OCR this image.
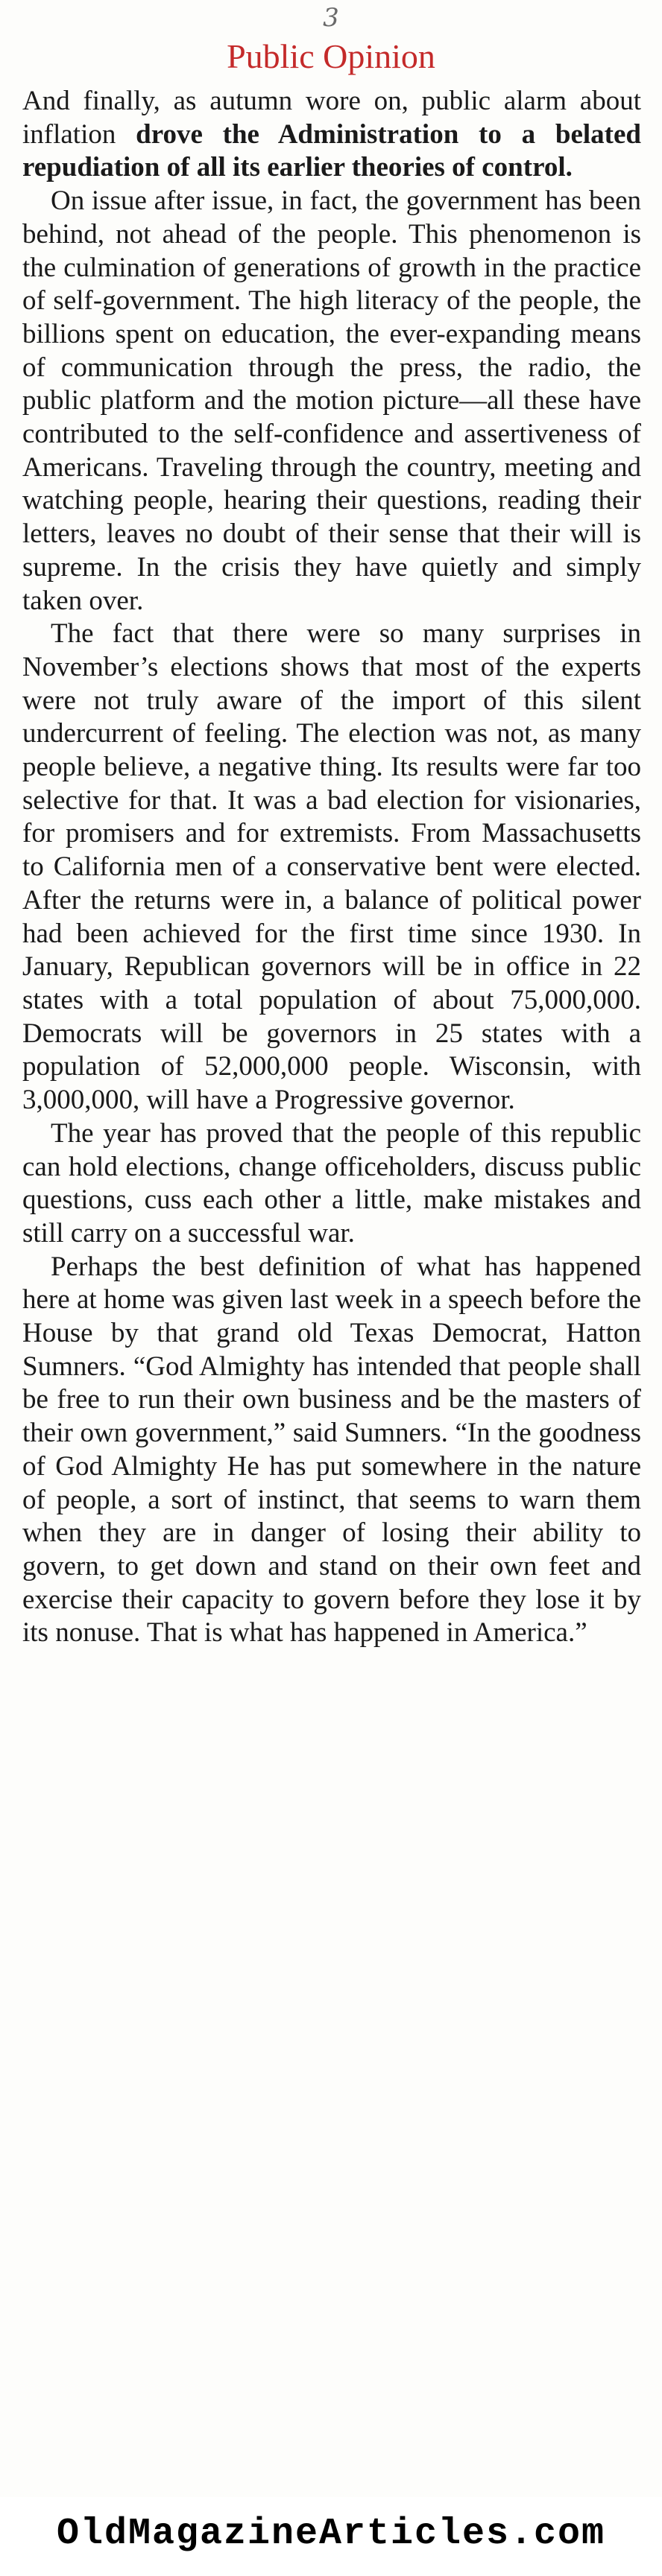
3
Public Opinion

And finally, as autumn wore on, public alarm about inflation drove the Administration to a belated repudiation of all its earlier theories of control.

On issue after issue, in fact, the government has been behind, not ahead of the people. This phenomenon is the culmination of generations of growth in the practice of self-government. The high literacy of the people, the billions spent on education, the ever-expanding means of communication through the press, the radio, the public platform and the motion picture—all these have contributed to the self-confidence and assertiveness of Americans. Traveling through the country, meeting and watching people, hearing their questions, reading their letters, leaves no doubt of their sense that their will is supreme. In the crisis they have quietly and simply taken over.

The fact that there were so many surprises in November’s elections shows that most of the experts were not truly aware of the import of this silent undercurrent of feeling. The election was not, as many people believe, a negative thing. Its results were far too selective for that. It was a bad election for visionaries, for promisers and for extremists. From Massachusetts to California men of a conservative bent were elected. After the returns were in, a balance of political power had been achieved for the first time since 1930. In January, Republican governors will be in office in 22 states with a total population of about 75,000,000. Democrats will be governors in 25 states with a population of 52,000,000 people. Wisconsin, with 3,000,000, will have a Progressive governor.

The year has proved that the people of this republic can hold elections, change officeholders, discuss public questions, cuss each other a little, make mistakes and still carry on a successful war.

Perhaps the best definition of what has happened here at home was given last week in a speech before the House by that grand old Texas Democrat, Hatton Sumners. “God Almighty has intended that people shall be free to run their own business and be the masters of their own government,” said Sumners. “In the goodness of God Almighty He has put somewhere in the nature of people, a sort of instinct, that seems to warn them when they are in danger of losing their ability to govern, to get down and stand on their own feet and exercise their capacity to govern before they lose it by its nonuse. That is what has happened in America.”

OldMagazineArticles.com
